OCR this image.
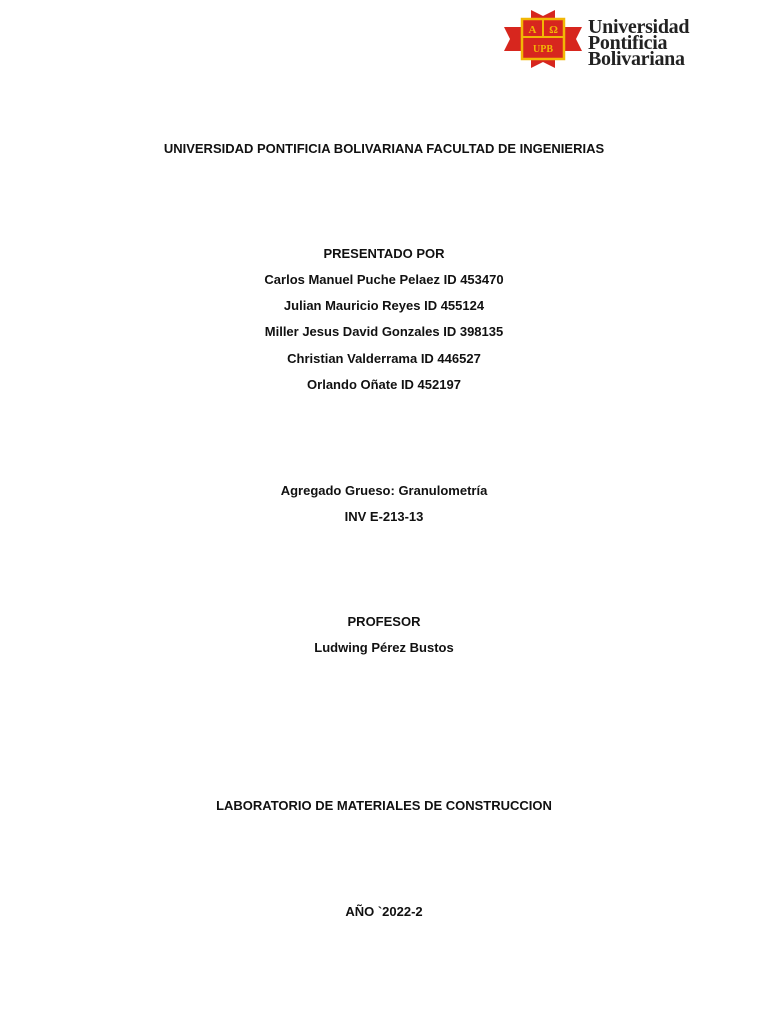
A Ω
UPB
Universidad
Pontificia
Bolivariana
UNIVERSIDAD PONTIFICIA BOLIVARIANA FACULTAD DE INGENIERIAS
PRESENTADO POR
Carlos Manuel Puche Pelaez ID 453470
Julian Mauricio Reyes ID 455124
Miller Jesus David Gonzales ID 398135
Christian Valderrama ID 446527
Orlando Oñate ID 452197
Agregado Grueso: Granulometría
INV E-213-13
PROFESOR
Ludwing Pérez Bustos
LABORATORIO DE MATERIALES DE CONSTRUCCION
AÑO `2022-2
